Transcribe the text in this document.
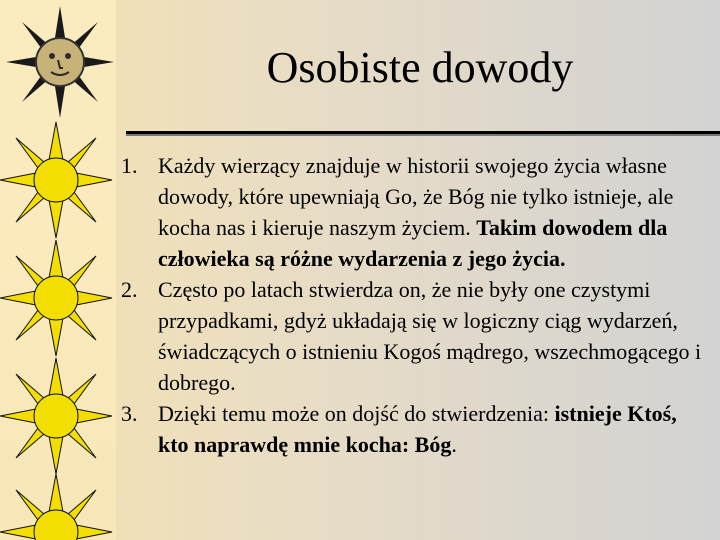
Osobiste dowody

1. Każdy wierzący znajduje w historii swojego życia własne dowody, które upewniają Go, że Bóg nie tylko istnieje, ale kocha nas i kieruje naszym życiem. Takim dowodem dla człowieka są różne wydarzenia z jego życia.

2. Często po latach stwierdza on, że nie były one czystymi przypadkami, gdyż układają się w logiczny ciąg wydarzeń, świadczących o istnieniu Kogoś mądrego, wszechmogącego i dobrego.

3. Dzięki temu może on dojść do stwierdzenia: istnieje Ktoś, kto naprawdę mnie kocha: Bóg.
